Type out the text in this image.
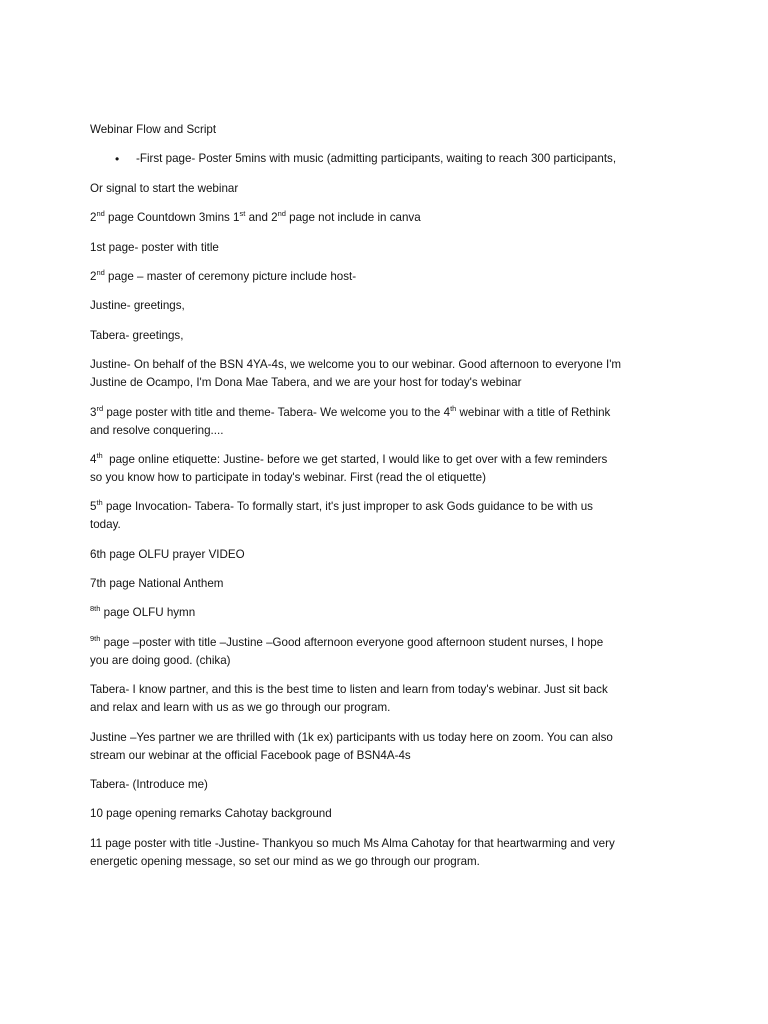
Webinar Flow and Script
• -First page- Poster 5mins with music (admitting participants, waiting to reach 300 participants,
Or signal to start the webinar
2nd page Countdown 3mins 1st and 2nd page not include in canva
1st page- poster with title
2nd page – master of ceremony picture include host-
Justine- greetings,
Tabera- greetings,
Justine- On behalf of the BSN 4YA-4s, we welcome you to our webinar. Good afternoon to everyone I'm
Justine de Ocampo, I'm Dona Mae Tabera, and we are your host for today's webinar
3rd page poster with title and theme- Tabera- We welcome you to the 4th webinar with a title of Rethink
and resolve conquering....
4th  page online etiquette: Justine- before we get started, I would like to get over with a few reminders
so you know how to participate in today's webinar. First (read the ol etiquette)
5th page Invocation- Tabera- To formally start, it's just improper to ask Gods guidance to be with us
today.
6th page OLFU prayer VIDEO
7th page National Anthem
$^{8th}$ page OLFU hymn
$^{9th}$ page –poster with title –Justine –Good afternoon everyone good afternoon student nurses, I hope
you are doing good. (chika)
Tabera- I know partner, and this is the best time to listen and learn from today's webinar. Just sit back
and relax and learn with us as we go through our program.
Justine –Yes partner we are thrilled with (1k ex) participants with us today here on zoom. You can also
stream our webinar at the official Facebook page of BSN4A-4s
Tabera- (Introduce me)
10 page opening remarks Cahotay background
11 page poster with title -Justine- Thankyou so much Ms Alma Cahotay for that heartwarming and very
energetic opening message, so set our mind as we go through our program.
